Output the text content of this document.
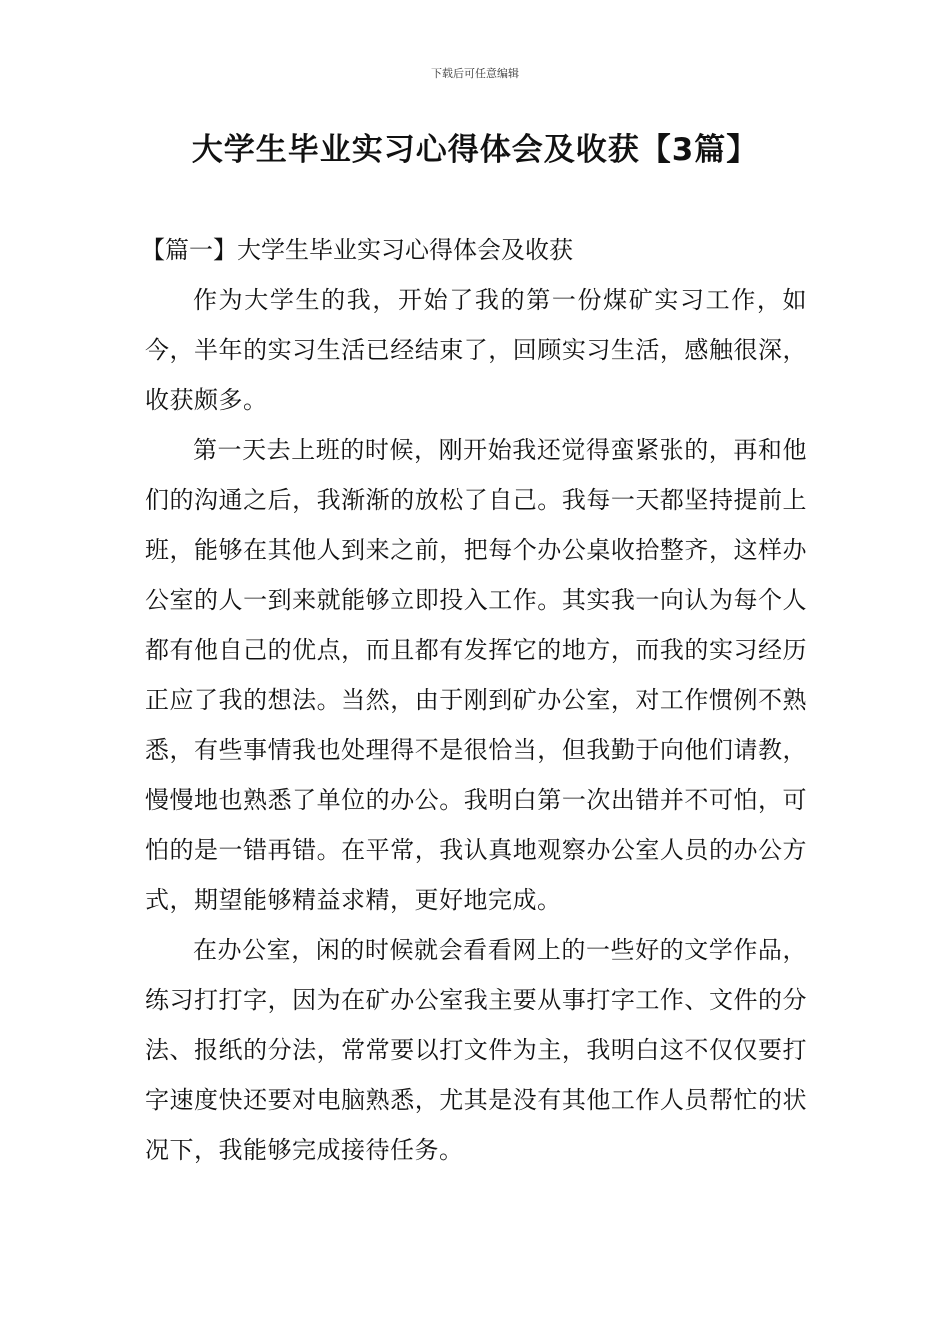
下载后可任意编辑
大学生毕业实习心得体会及收获【3篇】
【篇一】大学生毕业实习心得体会及收获

作为大学生的我，开始了我的第一份煤矿实习工作，如今，半年的实习生活已经结束了，回顾实习生活，感触很深，收获颇多。

第一天去上班的时候，刚开始我还觉得蛮紧张的，再和他们的沟通之后，我渐渐的放松了自己。我每一天都坚持提前上班，能够在其他人到来之前，把每个办公桌收拾整齐，这样办公室的人一到来就能够立即投入工作。其实我一向认为每个人都有他自己的优点，而且都有发挥它的地方，而我的实习经历正应了我的想法。当然，由于刚到矿办公室，对工作惯例不熟悉，有些事情我也处理得不是很恰当，但我勤于向他们请教，慢慢地也熟悉了单位的办公。我明白第一次出错并不可怕，可怕的是一错再错。在平常，我认真地观察办公室人员的办公方式，期望能够精益求精，更好地完成。

在办公室，闲的时候就会看看网上的一些好的文学作品，练习打打字，因为在矿办公室我主要从事打字工作、文件的分法、报纸的分法，常常要以打文件为主，我明白这不仅仅要打字速度快还要对电脑熟悉，尤其是没有其他工作人员帮忙的状况下，我能够完成接待任务。
